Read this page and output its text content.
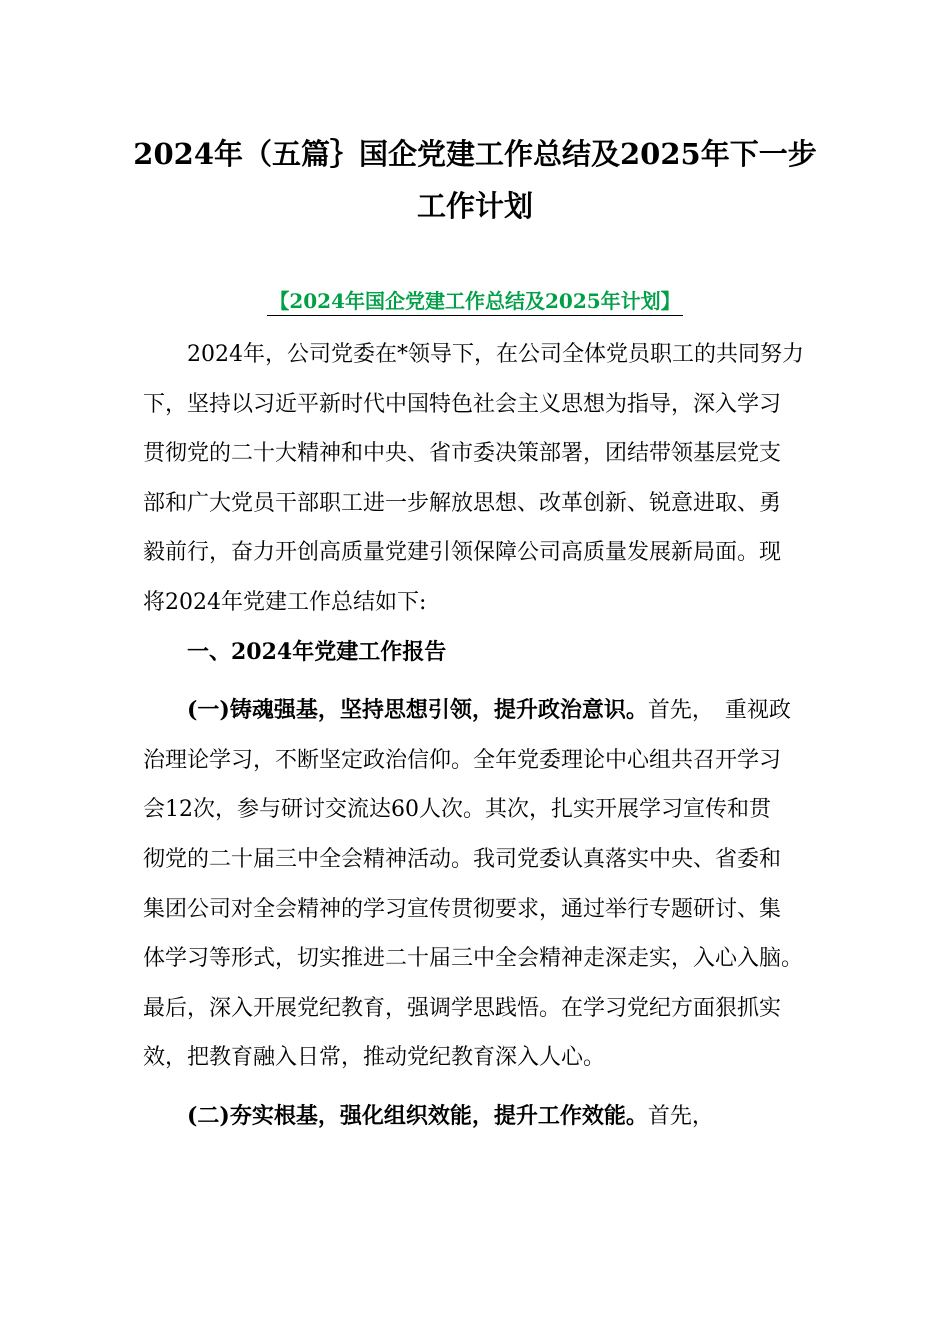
2024年（五篇｝国企党建工作总结及2025年下一步
工作计划
【2024年国企党建工作总结及2025年计划】
2024年，公司党委在*领导下，在公司全体党员职工的共同努力
下，坚持以习近平新时代中国特色社会主义思想为指导，深入学习
贯彻党的二十大精神和中央、省市委决策部署，团结带领基层党支
部和广大党员干部职工进一步解放思想、改革创新、锐意进取、勇
毅前行，奋力开创高质量党建引领保障公司高质量发展新局面。现
将2024年党建工作总结如下:
一、2024年党建工作报告
(一)铸魂强基，坚持思想引领，提升政治意识。首先，　重视政
治理论学习，不断坚定政治信仰。全年党委理论中心组共召开学习
会12次，参与研讨交流达60人次。其次，扎实开展学习宣传和贯
彻党的二十届三中全会精神活动。我司党委认真落实中央、省委和
集团公司对全会精神的学习宣传贯彻要求，通过举行专题研讨、集
体学习等形式，切实推进二十届三中全会精神走深走实，入心入脑。
最后，深入开展党纪教育，强调学思践悟。在学习党纪方面狠抓实
效，把教育融入日常，推动党纪教育深入人心。
(二)夯实根基，强化组织效能，提升工作效能。首先，
